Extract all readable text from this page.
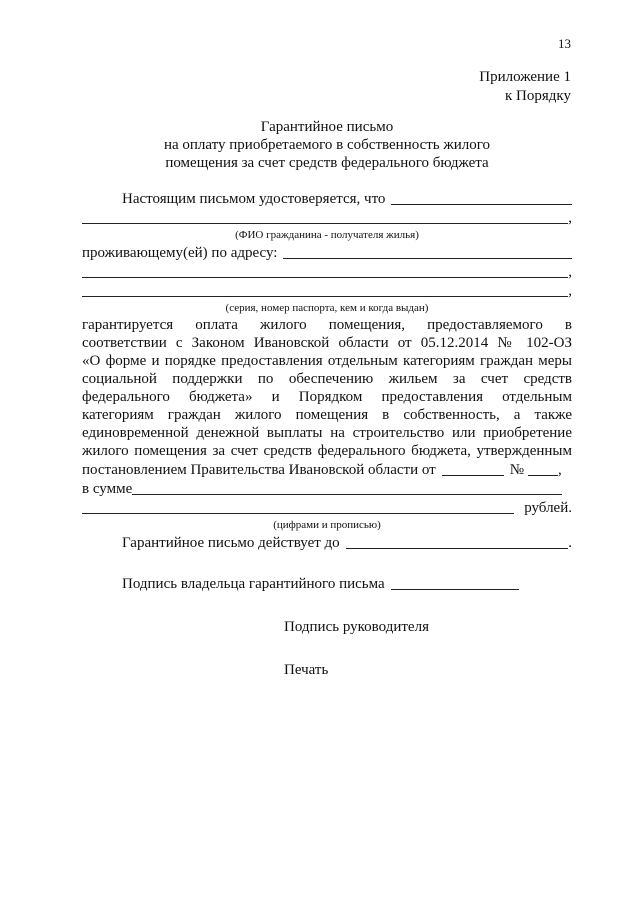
13
Приложение 1
к Порядку
Гарантийное письмо
на оплату приобретаемого в собственность жилого
помещения за счет средств федерального бюджета
Настоящим письмом удостоверяется, что
,
(ФИО гражданина - получателя жилья)
проживающему(ей) по адресу:
,
,
(серия, номер паспорта, кем и когда выдан)
гарантируется оплата жилого помещения, предоставляемого в
соответствии с Законом Ивановской области от 05.12.2014 № 102-ОЗ
«О форме и порядке предоставления отдельным категориям граждан меры
социальной поддержки по обеспечению жильем за счет средств
федерального бюджета» и Порядком предоставления отдельным
категориям граждан жилого помещения в собственность, а также
единовременной денежной выплаты на строительство или приобретение
жилого помещения за счет средств федерального бюджета, утвержденным
постановлением Правительства Ивановской области от	№ ,
в сумме
рублей.
(цифрами и прописью)
Гарантийное письмо действует до	.
Подпись владельца гарантийного письма
Подпись руководителя
Печать
